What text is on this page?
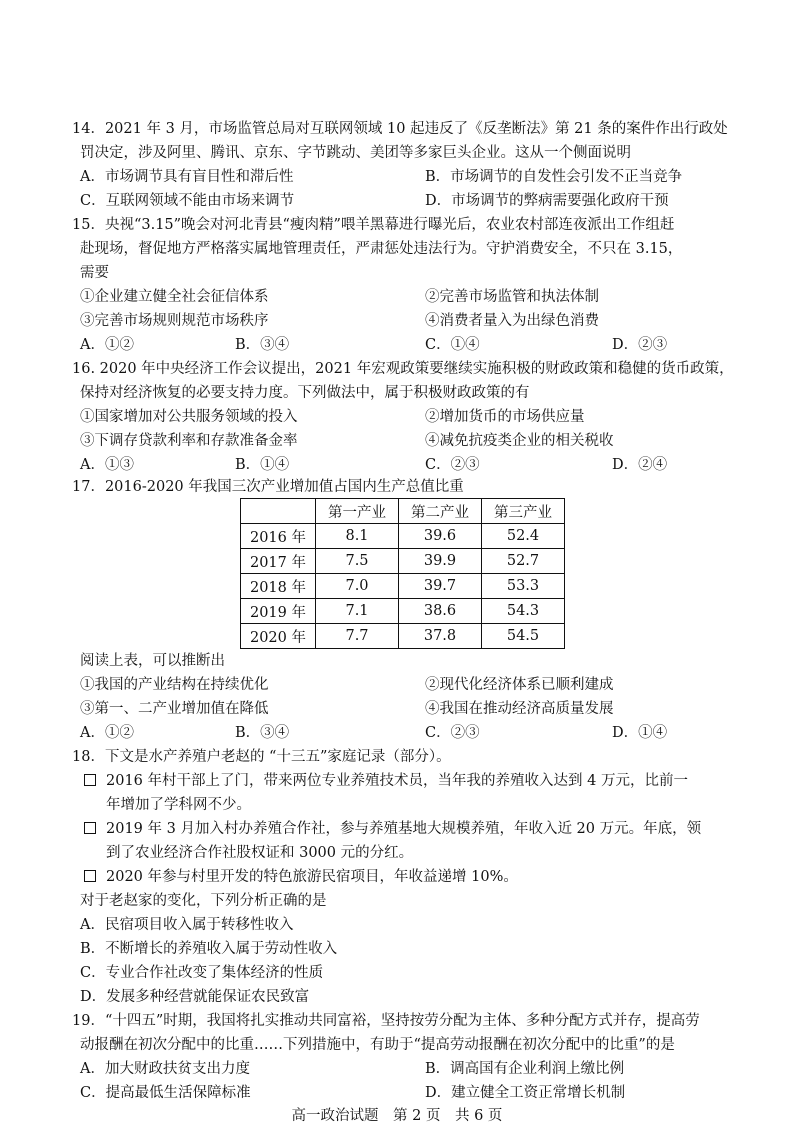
14．2021 年 3 月，市场监管总局对互联网领域 10 起违反了《反垄断法》第 21 条的案件作出行政处
罚决定，涉及阿里、腾讯、京东、字节跳动、美团等多家巨头企业。这从一个侧面说明
A．市场调节具有盲目性和滞后性	B．市场调节的自发性会引发不正当竞争
C．互联网领域不能由市场来调节	D．市场调节的弊病需要强化政府干预
15．央视“3.15”晚会对河北青县“瘦肉精”喂羊黑幕进行曝光后，农业农村部连夜派出工作组赶
赴现场，督促地方严格落实属地管理责任，严肃惩处违法行为。守护消费安全，不只在 3.15，
需要
①企业建立健全社会征信体系	②完善市场监管和执法体制
③完善市场规则规范市场秩序	④消费者量入为出绿色消费
A．①②	B．③④	C．①④	D．②③
16. 2020 年中央经济工作会议提出，2021 年宏观政策要继续实施积极的财政政策和稳健的货币政策，
保持对经济恢复的必要支持力度。下列做法中，属于积极财政政策的有
①国家增加对公共服务领域的投入	②增加货币的市场供应量
③下调存贷款利率和存款准备金率	④减免抗疫类企业的相关税收
A．①③	B．①④	C．②③	D．②④
17．2016-2020 年我国三次产业增加值占国内生产总值比重
	第一产业	第二产业	第三产业
2016 年	8.1	39.6	52.4
2017 年	7.5	39.9	52.7
2018 年	7.0	39.7	53.3
2019 年	7.1	38.6	54.3
2020 年	7.7	37.8	54.5
阅读上表，可以推断出
①我国的产业结构在持续优化	②现代化经济体系已顺利建成
③第一、二产业增加值在降低	④我国在推动经济高质量发展
A．①②	B．③④	C．②③	D．①④
18．下文是水产养殖户老赵的 “十三五”家庭记录（部分）。
2016 年村干部上了门，带来两位专业养殖技术员，当年我的养殖收入达到 4 万元，比前一
年增加了学科网不少。
2019 年 3 月加入村办养殖合作社，参与养殖基地大规模养殖，年收入近 20 万元。年底，领
到了农业经济合作社股权证和 3000 元的分红。
2020 年参与村里开发的特色旅游民宿项目，年收益递增 10%。
对于老赵家的变化，下列分析正确的是
A．民宿项目收入属于转移性收入
B．不断增长的养殖收入属于劳动性收入
C．专业合作社改变了集体经济的性质
D．发展多种经营就能保证农民致富
19．“十四五”时期，我国将扎实推动共同富裕，坚持按劳分配为主体、多种分配方式并存，提高劳
动报酬在初次分配中的比重……下列措施中，有助于“提高劳动报酬在初次分配中的比重”的是
A．加大财政扶贫支出力度	B．调高国有企业利润上缴比例
C．提高最低生活保障标准	D．建立健全工资正常增长机制
高一政治试题　第 2 页　共 6 页
